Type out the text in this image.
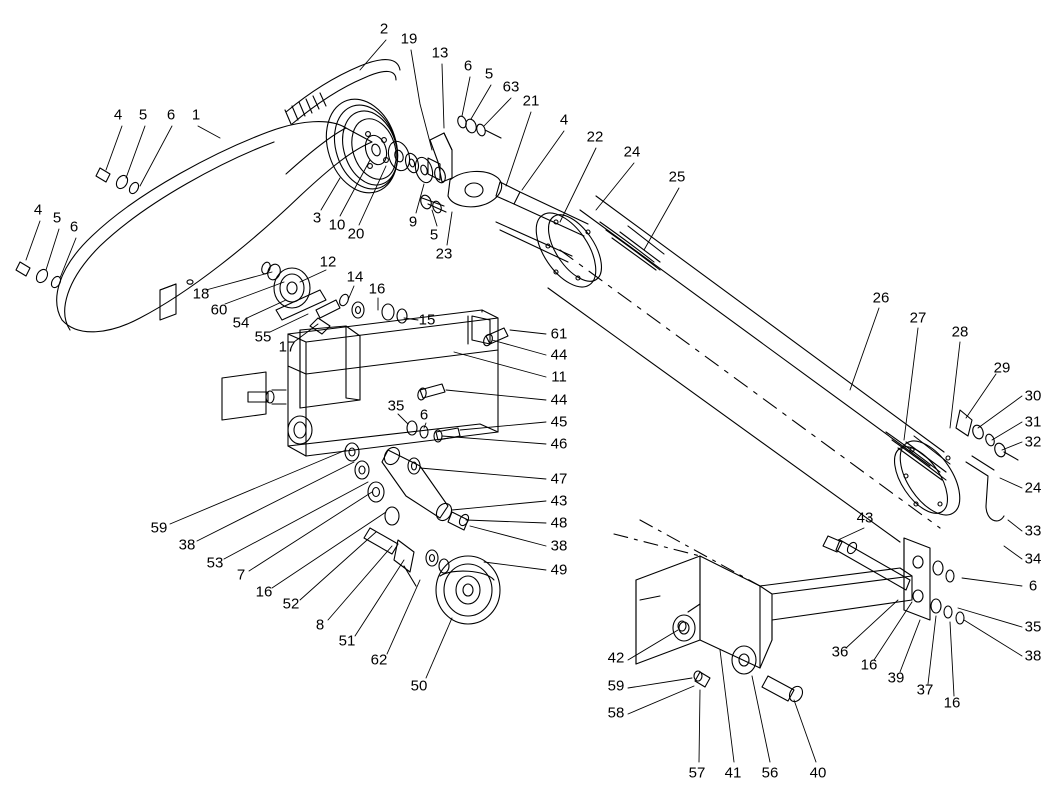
2
19
13
6 5
63
21
4 5 6 1	4
22
24
25
4 5
6
3 10
20
9
5
23
12
14
16
15
18
60
54
55
17
26
27
28
29
30
31
32
24
33
34
6
35
38
61
44
11
44
45
46
47
43
48
38
49
35
6
59
38
53
7
16
52
8
51
62
50
43
36
16
39
37
16
42
59
58
57 41 56 40
